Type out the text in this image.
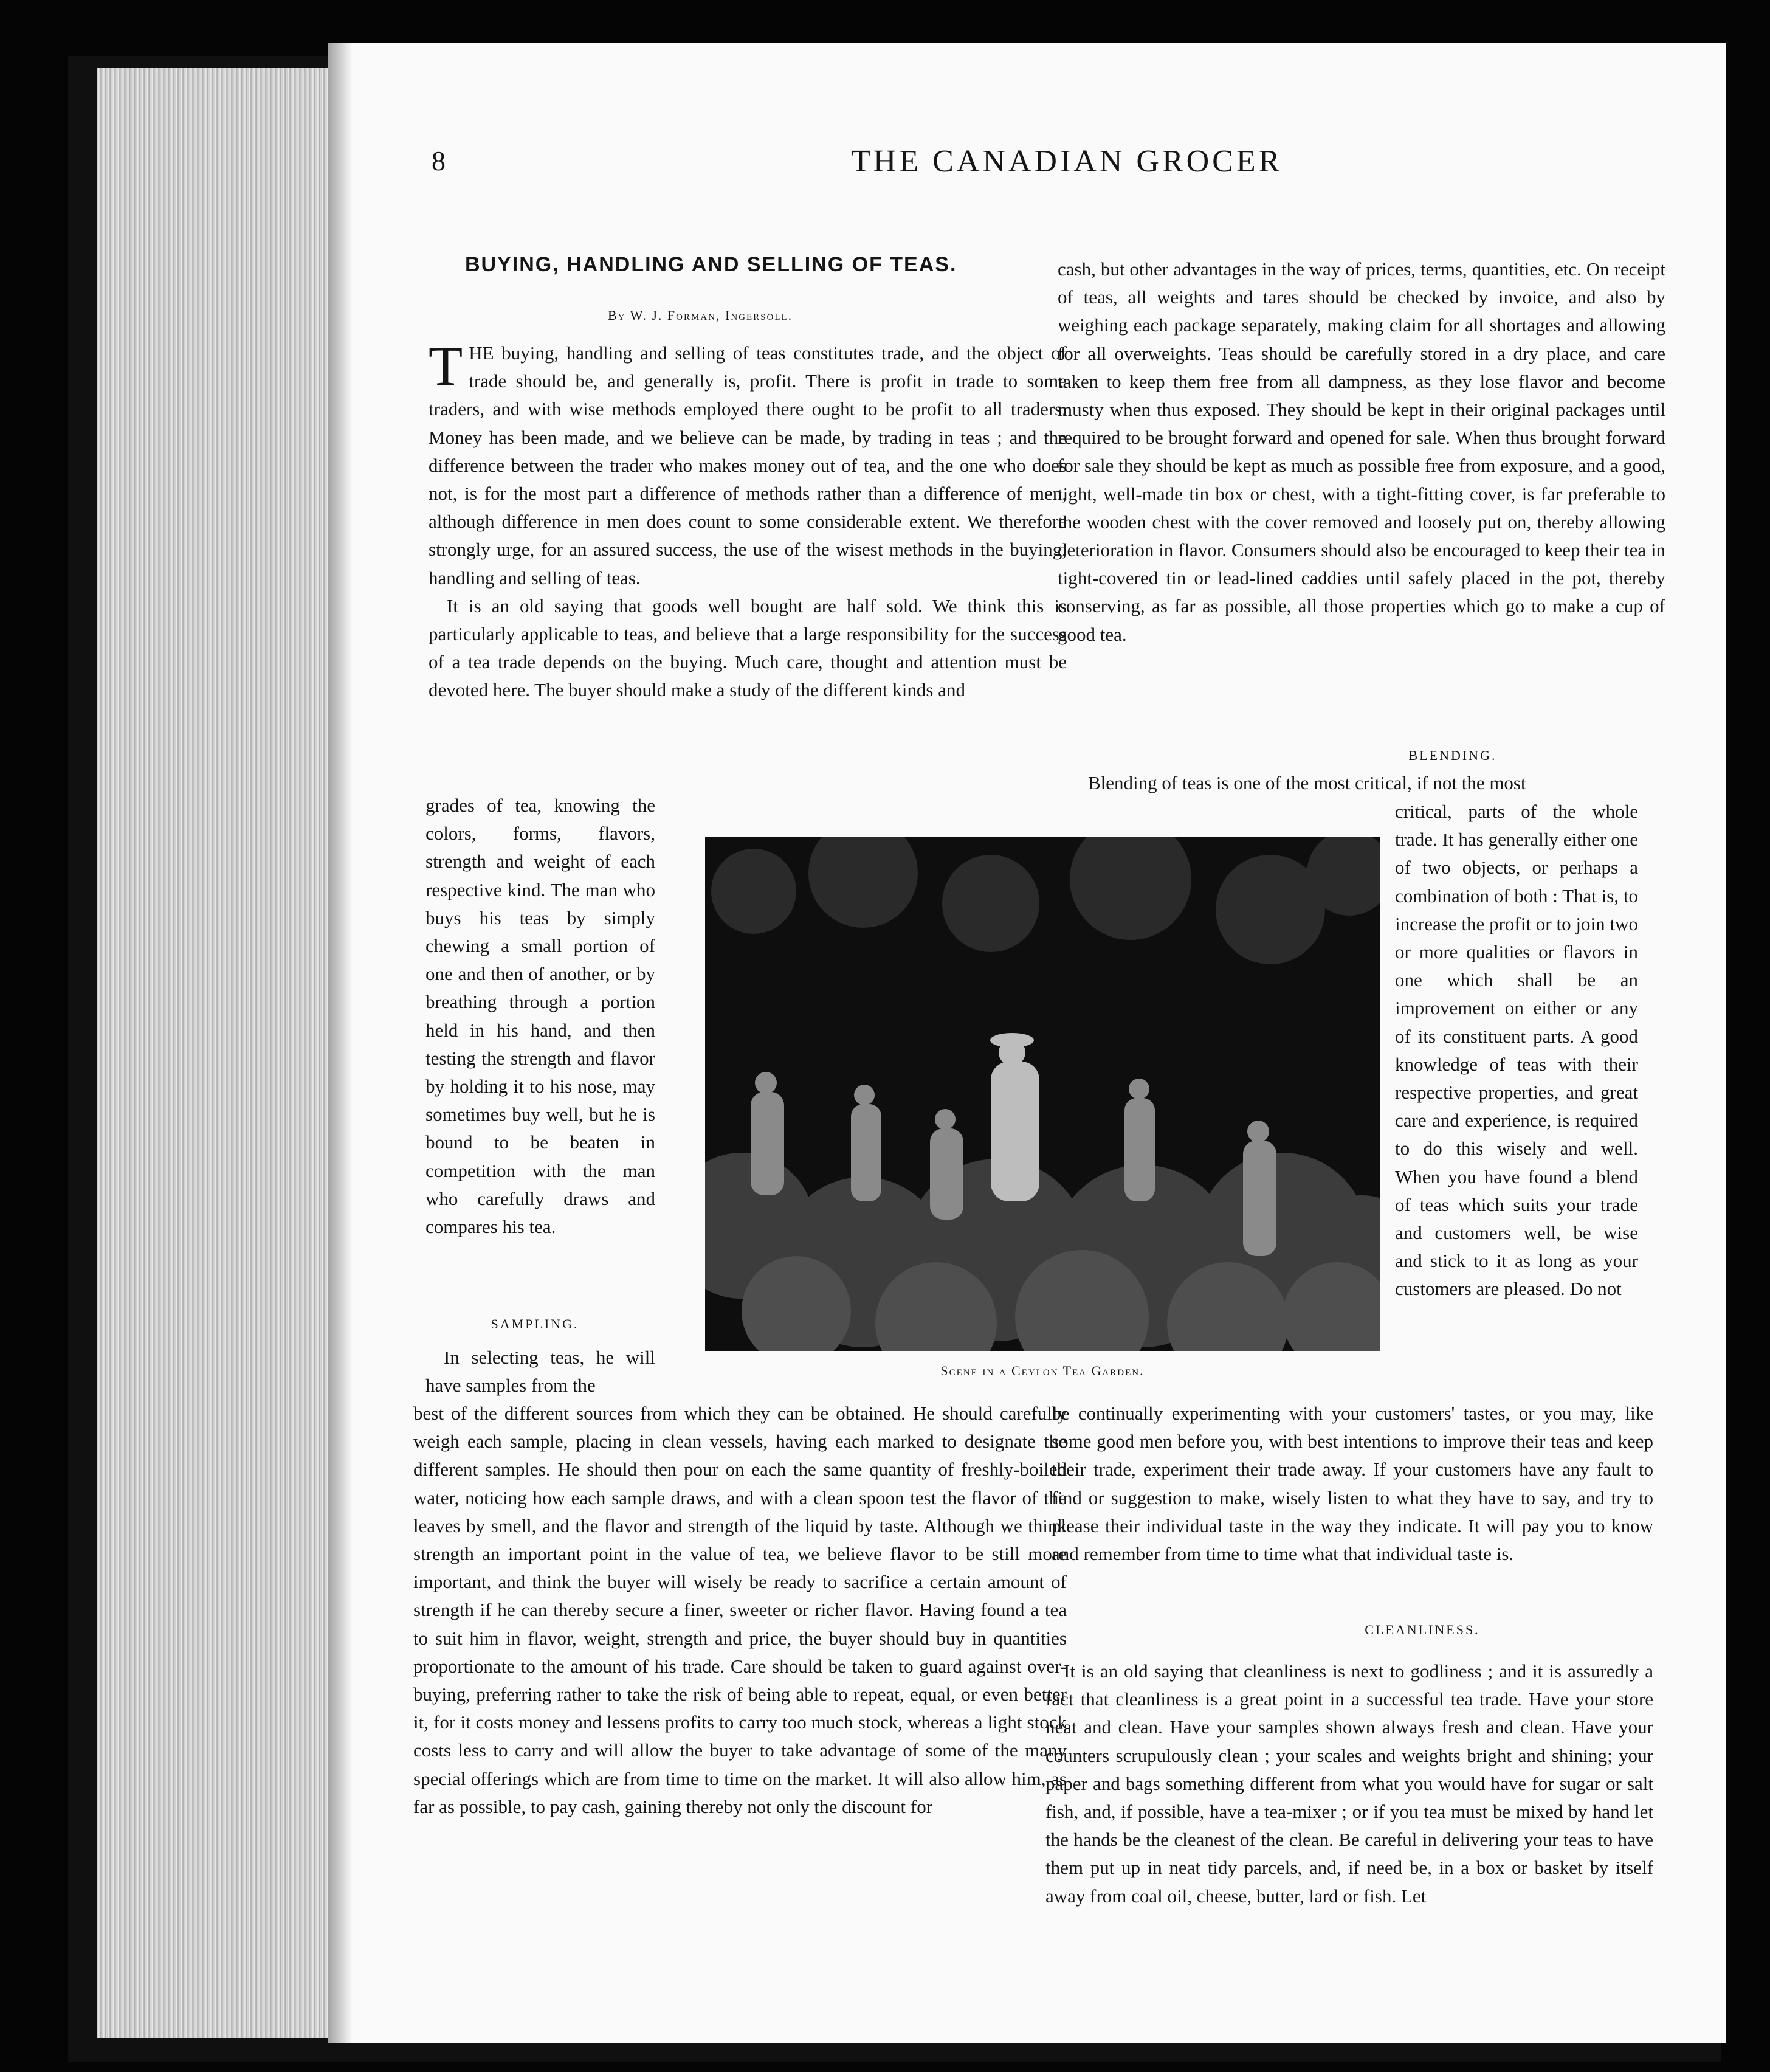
8	THE CANADIAN GROCER
BUYING, HANDLING AND SELLING OF TEAS.
By W. J. Forman, Ingersoll.

THE buying, handling and selling of teas constitutes trade, and the object of trade should be, and generally is, profit. There is profit in trade to some traders, and with wise methods employed there ought to be profit to all traders. Money has been made, and we believe can be made, by trading in teas ; and the difference between the trader who makes money out of tea, and the one who does not, is for the most part a difference of methods rather than a difference of men, although difference in men does count to some considerable extent. We therefore strongly urge, for an assured success, the use of the wisest methods in the buying, handling and selling of teas.

It is an old saying that goods well bought are half sold. We think this is particularly applicable to teas, and believe that a large responsibility for the success of a tea trade depends on the buying. Much care, thought and attention must be devoted here. The buyer should make a study of the different kinds and

grades of tea, knowing the colors, forms, flavors, strength and weight of each respective kind. The man who buys his teas by simply chewing a small portion of one and then of another, or by breathing through a portion held in his hand, and then testing the strength and flavor by holding it to his nose, may sometimes buy well, but he is bound to be beaten in competition with the man who carefully draws and compares his tea.

SAMPLING.

In selecting teas, he will have samples from the

best of the different sources from which they can be obtained. He should carefully weigh each sample, placing in clean vessels, having each marked to designate the different samples. He should then pour on each the same quantity of freshly-boiled water, noticing how each sample draws, and with a clean spoon test the flavor of the leaves by smell, and the flavor and strength of the liquid by taste. Although we think strength an important point in the value of tea, we believe flavor to be still more important, and think the buyer will wisely be ready to sacrifice a certain amount of strength if he can thereby secure a finer, sweeter or richer flavor. Having found a tea to suit him in flavor, weight, strength and price, the buyer should buy in quantities proportionate to the amount of his trade. Care should be taken to guard against over-buying, preferring rather to take the risk of being able to repeat, equal, or even better it, for it costs money and lessens profits to carry too much stock, whereas a light stock costs less to carry and will allow the buyer to take advantage of some of the many special offerings which are from time to time on the market. It will also allow him, as far as possible, to pay cash, gaining thereby not only the discount for

Scene in a Ceylon Tea Garden.

cash, but other advantages in the way of prices, terms, quantities, etc. On receipt of teas, all weights and tares should be checked by invoice, and also by weighing each package separately, making claim for all shortages and allowing for all overweights. Teas should be carefully stored in a dry place, and care taken to keep them free from all dampness, as they lose flavor and become musty when thus exposed. They should be kept in their original packages until required to be brought forward and opened for sale. When thus brought forward for sale they should be kept as much as possible free from exposure, and a good, tight, well-made tin box or chest, with a tight-fitting cover, is far preferable to the wooden chest with the cover removed and loosely put on, thereby allowing deterioration in flavor. Consumers should also be encouraged to keep their tea in tight-covered tin or lead-lined caddies until safely placed in the pot, thereby conserving, as far as possible, all those properties which go to make a cup of good tea.

BLENDING.

Blending of teas is one of the most critical, if not the most

critical, parts of the whole trade. It has generally either one of two objects, or perhaps a combination of both : That is, to increase the profit or to join two or more qualities or flavors in one which shall be an improvement on either or any of its constituent parts. A good knowledge of teas with their respective properties, and great care and experience, is required to do this wisely and well. When you have found a blend of teas which suits your trade and customers well, be wise and stick to it as long as your customers are pleased. Do not

be continually experimenting with your customers' tastes, or you may, like some good men before you, with best intentions to improve their teas and keep their trade, experiment their trade away. If your customers have any fault to find or suggestion to make, wisely listen to what they have to say, and try to please their individual taste in the way they indicate. It will pay you to know and remember from time to time what that individual taste is.

CLEANLINESS.

It is an old saying that cleanliness is next to godliness ; and it is assuredly a fact that cleanliness is a great point in a successful tea trade. Have your store neat and clean. Have your samples shown always fresh and clean. Have your counters scrupulously clean ; your scales and weights bright and shining; your paper and bags something different from what you would have for sugar or salt fish, and, if possible, have a tea-mixer ; or if you tea must be mixed by hand let the hands be the cleanest of the clean. Be careful in delivering your teas to have them put up in neat tidy parcels, and, if need be, in a box or basket by itself away from coal oil, cheese, butter, lard or fish. Let
